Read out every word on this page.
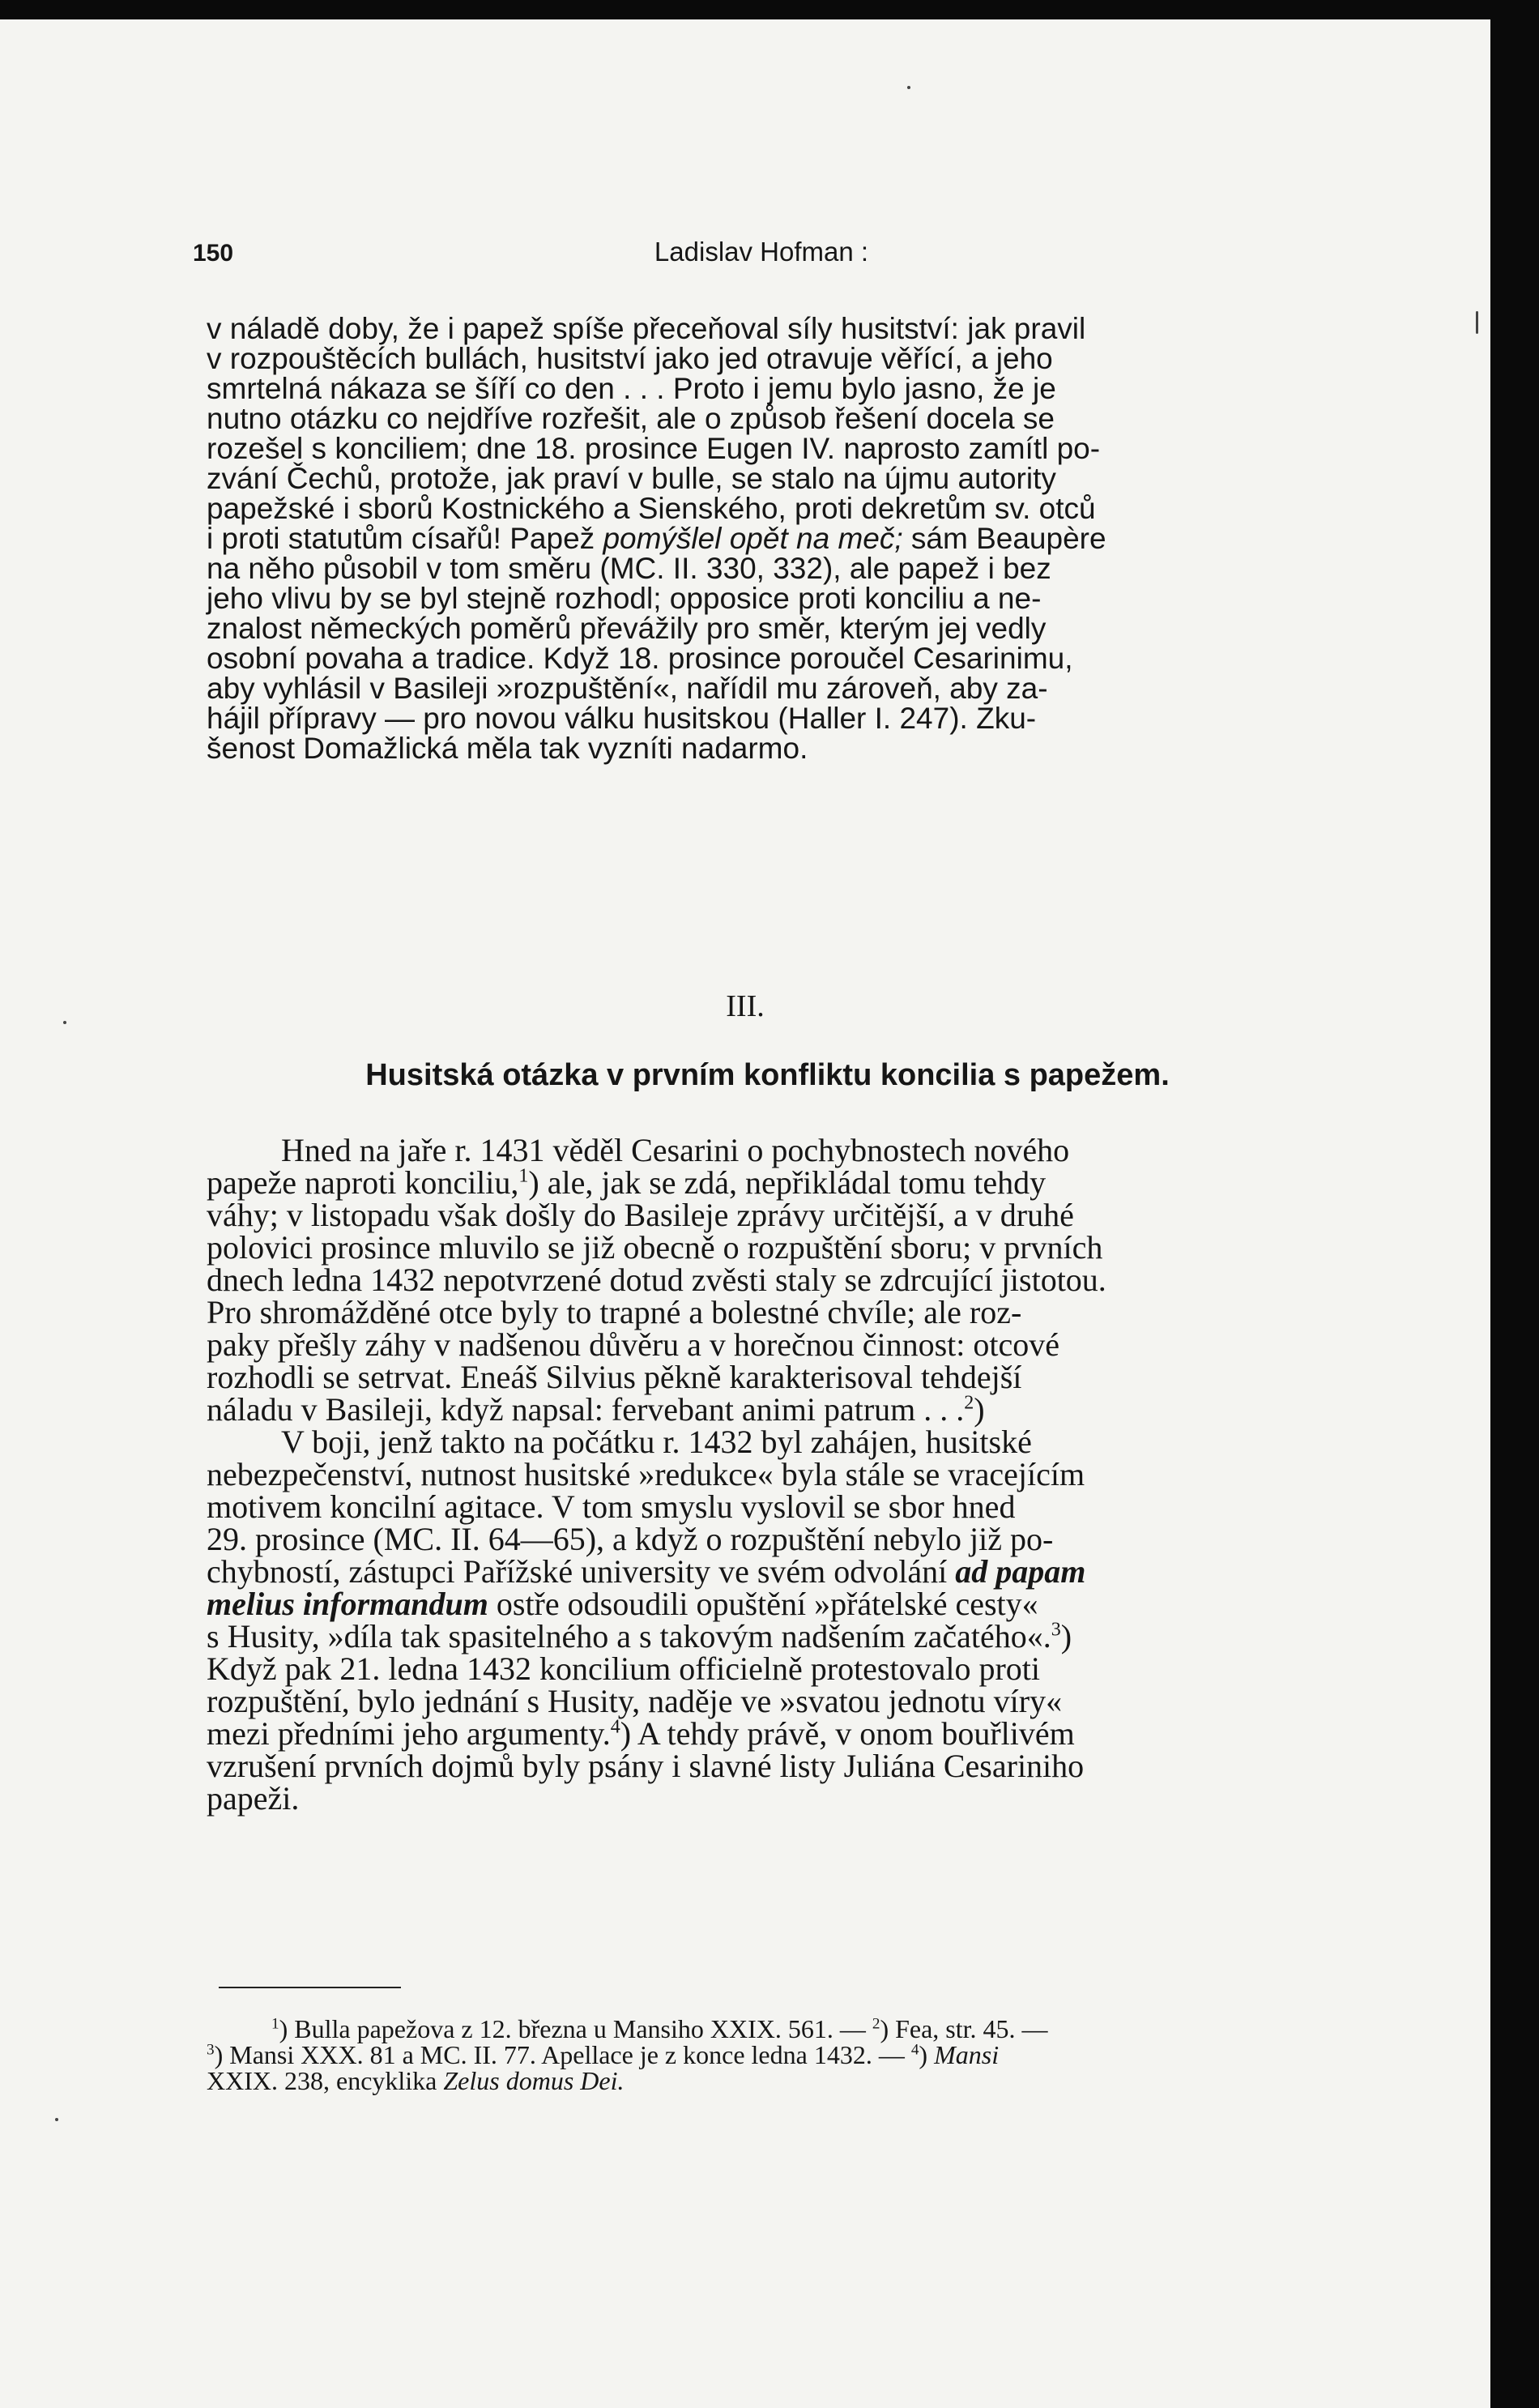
150	Ladislav Hofman :
v náladě doby, že i papež spíše přeceňoval síly husitství: jak pravil
v rozpouštěcích bullách, husitství jako jed otravuje věřící, a jeho
smrtelná nákaza se šíří co den . . . Proto i jemu bylo jasno, že je
nutno otázku co nejdříve rozřešit, ale o způsob řešení docela se
rozešel s konciliem; dne 18. prosince Eugen IV. naprosto zamítl po-
zvání Čechů, protože, jak praví v bulle, se stalo na újmu autority
papežské i sborů Kostnického a Sienského, proti dekretům sv. otců
i proti statutům císařů! Papež pomýšlel opět na meč; sám Beaupère
na něho působil v tom směru (MC. II. 330, 332), ale papež i bez
jeho vlivu by se byl stejně rozhodl; opposice proti konciliu a ne-
znalost německých poměrů převážily pro směr, kterým jej vedly
osobní povaha a tradice. Když 18. prosince poroučel Cesarinimu,
aby vyhlásil v Basileji »rozpuštění«, nařídil mu zároveň, aby za-
hájil přípravy — pro novou válku husitskou (Haller I. 247). Zku-
šenost Domažlická měla tak vyzníti nadarmo.
III.
Husitská otázka v prvním konfliktu koncilia s papežem.
Hned na jaře r. 1431 věděl Cesarini o pochybnostech nového
papeže naproti konciliu,$^1$) ale, jak se zdá, nepřikládal tomu tehdy
váhy; v listopadu však došly do Basileje zprávy určitější, a v druhé
polovici prosince mluvilo se již obecně o rozpuštění sboru; v prvních
dnech ledna 1432 nepotvrzené dotud zvěsti staly se zdrcující jistotou.
Pro shromážděné otce byly to trapné a bolestné chvíle; ale roz-
paky přešly záhy v nadšenou důvěru a v horečnou činnost: otcové
rozhodli se setrvat. Eneáš Silvius pěkně karakterisoval tehdejší
náladu v Basileji, když napsal: fervebant animi patrum . . .$^2$)
V boji, jenž takto na počátku r. 1432 byl zahájen, husitské
nebezpečenství, nutnost husitské »redukce« byla stále se vracejícím
motivem koncilní agitace. V tom smyslu vyslovil se sbor hned
29. prosince (MC. II. 64—65), a když o rozpuštění nebylo již po-
chybností, zástupci Pařížské university ve svém odvolání ad papam
melius informandum ostře odsoudili opuštění »přátelské cesty«
s Husity, »díla tak spasitelného a s takovým nadšením začatého«.$^3$)
Když pak 21. ledna 1432 koncilium officielně protestovalo proti
rozpuštění, bylo jednání s Husity, naděje ve »svatou jednotu víry«
mezi předními jeho argumenty.$^4$) A tehdy právě, v onom bouřlivém
vzrušení prvních dojmů byly psány i slavné listy Juliána Cesariniho
papeži.
$^1$) Bulla papežova z 12. března u Mansiho XXIX. 561. — $^2$) Fea, str. 45. —
$^3$) Mansi XXX. 81 a MC. II. 77. Apellace je z konce ledna 1432. — $^4$) Mansi
XXIX. 238, encyklika Zelus domus Dei.
